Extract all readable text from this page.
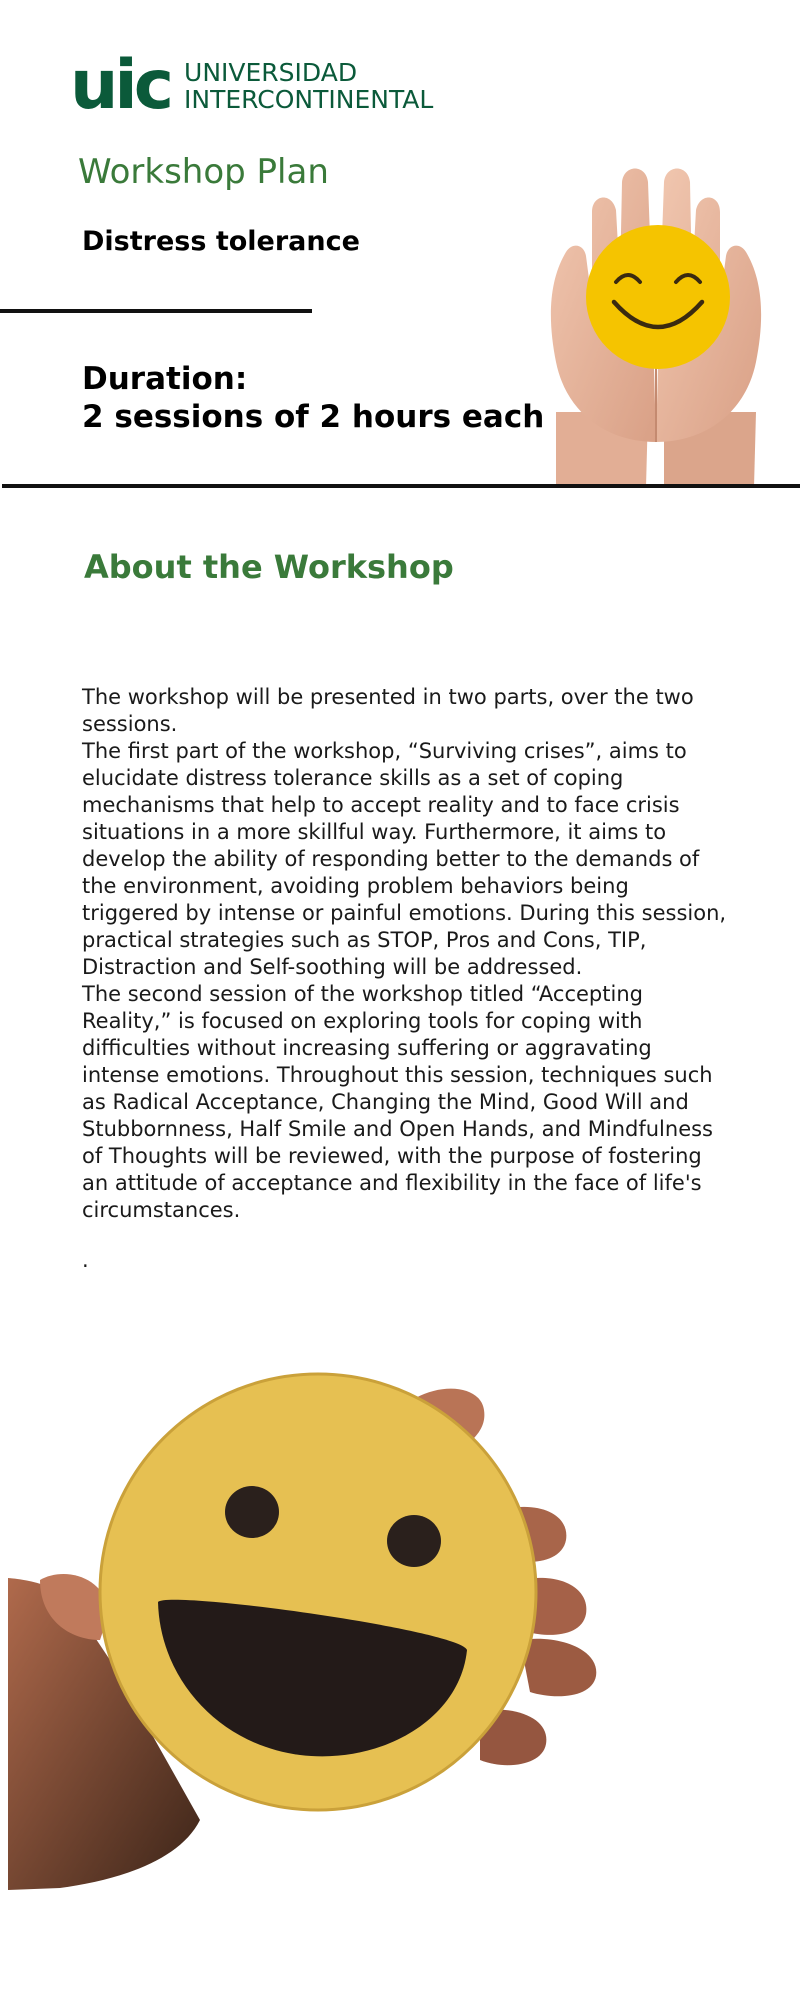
uic UNIVERSIDAD
INTERCONTINENTAL
Workshop Plan
Distress tolerance
Duration:
2 sessions of 2 hours each
About the Workshop

The workshop will be presented in two parts, over the two sessions.

The first part of the workshop, “Surviving crises”, aims to elucidate distress tolerance skills as a set of coping mechanisms that help to accept reality and to face crisis situations in a more skillful way. Furthermore, it aims to develop the ability of responding better to the demands of the environment, avoiding problem behaviors being triggered by intense or painful emotions. During this session, practical strategies such as STOP, Pros and Cons, TIP, Distraction and Self-soothing will be addressed.

The second session of the workshop titled “Accepting Reality,” is focused on exploring tools for coping with difficulties without increasing suffering or aggravating intense emotions. Throughout this session, techniques such as Radical Acceptance, Changing the Mind, Good Will and Stubbornness, Half Smile and Open Hands, and Mindfulness of Thoughts will be reviewed, with the purpose of fostering an attitude of acceptance and flexibility in the face of life's circumstances.

.
